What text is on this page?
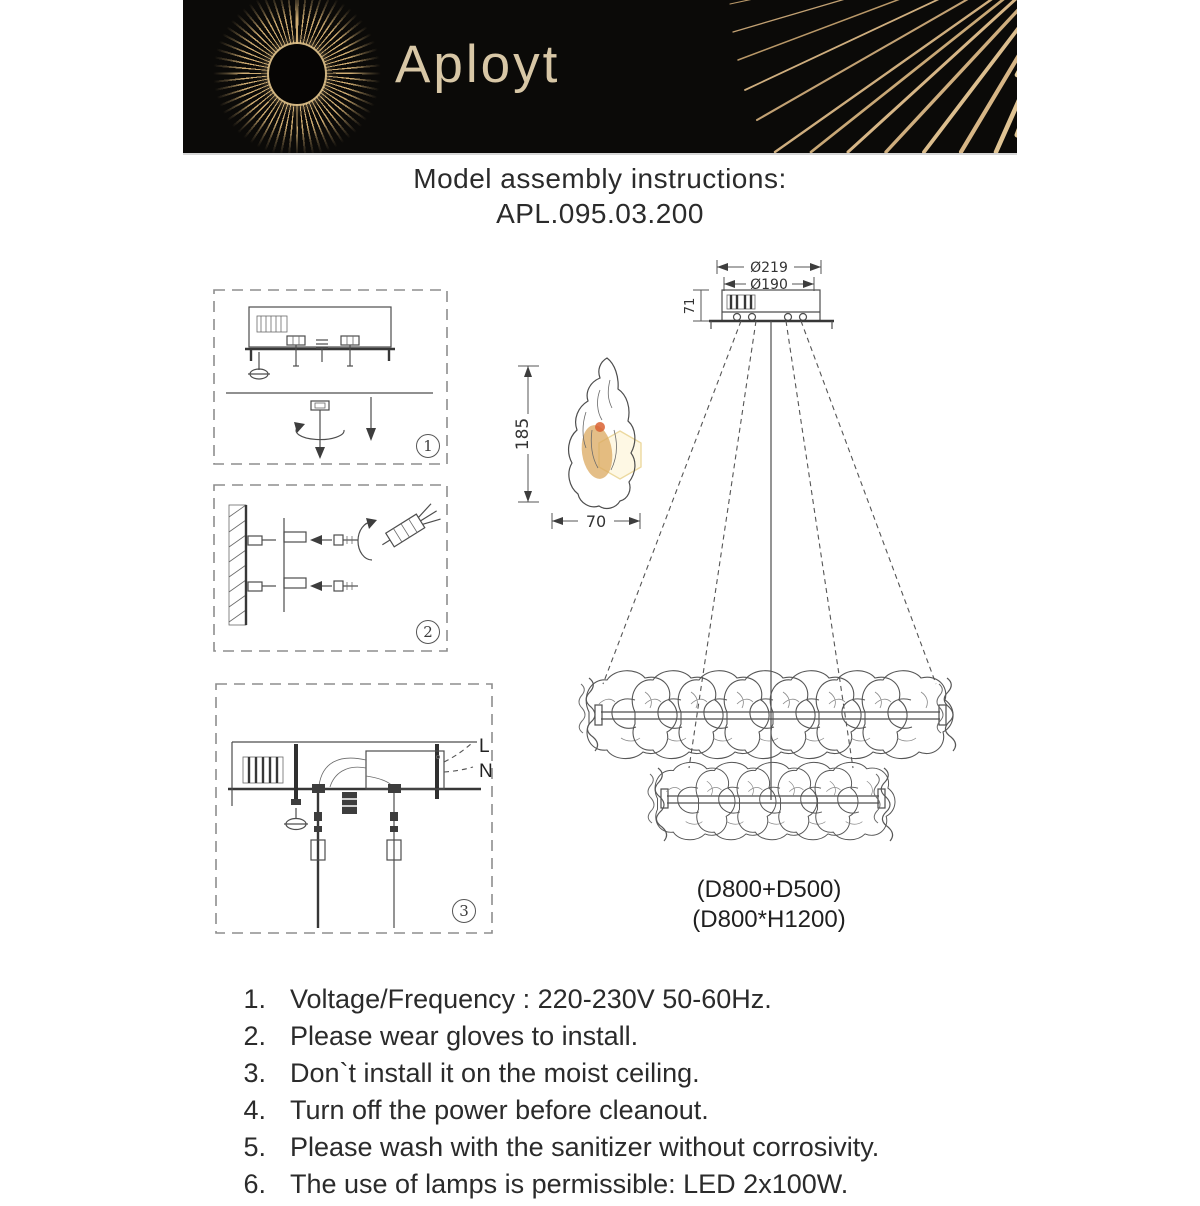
Aployt
Model assembly instructions:
APL.095.03.200
1
2
L
N
3
185
70
Ø219
Ø190
71
(D800+D500)
(D800*H1200)
1. Voltage/Frequency : 220-230V 50-60Hz.
2. Please wear gloves to install.
3. Don`t install it on the moist ceiling.
4. Turn off the power before cleanout.
5. Please wash with the sanitizer without corrosivity.
6. The use of lamps is permissible: LED 2x100W.
